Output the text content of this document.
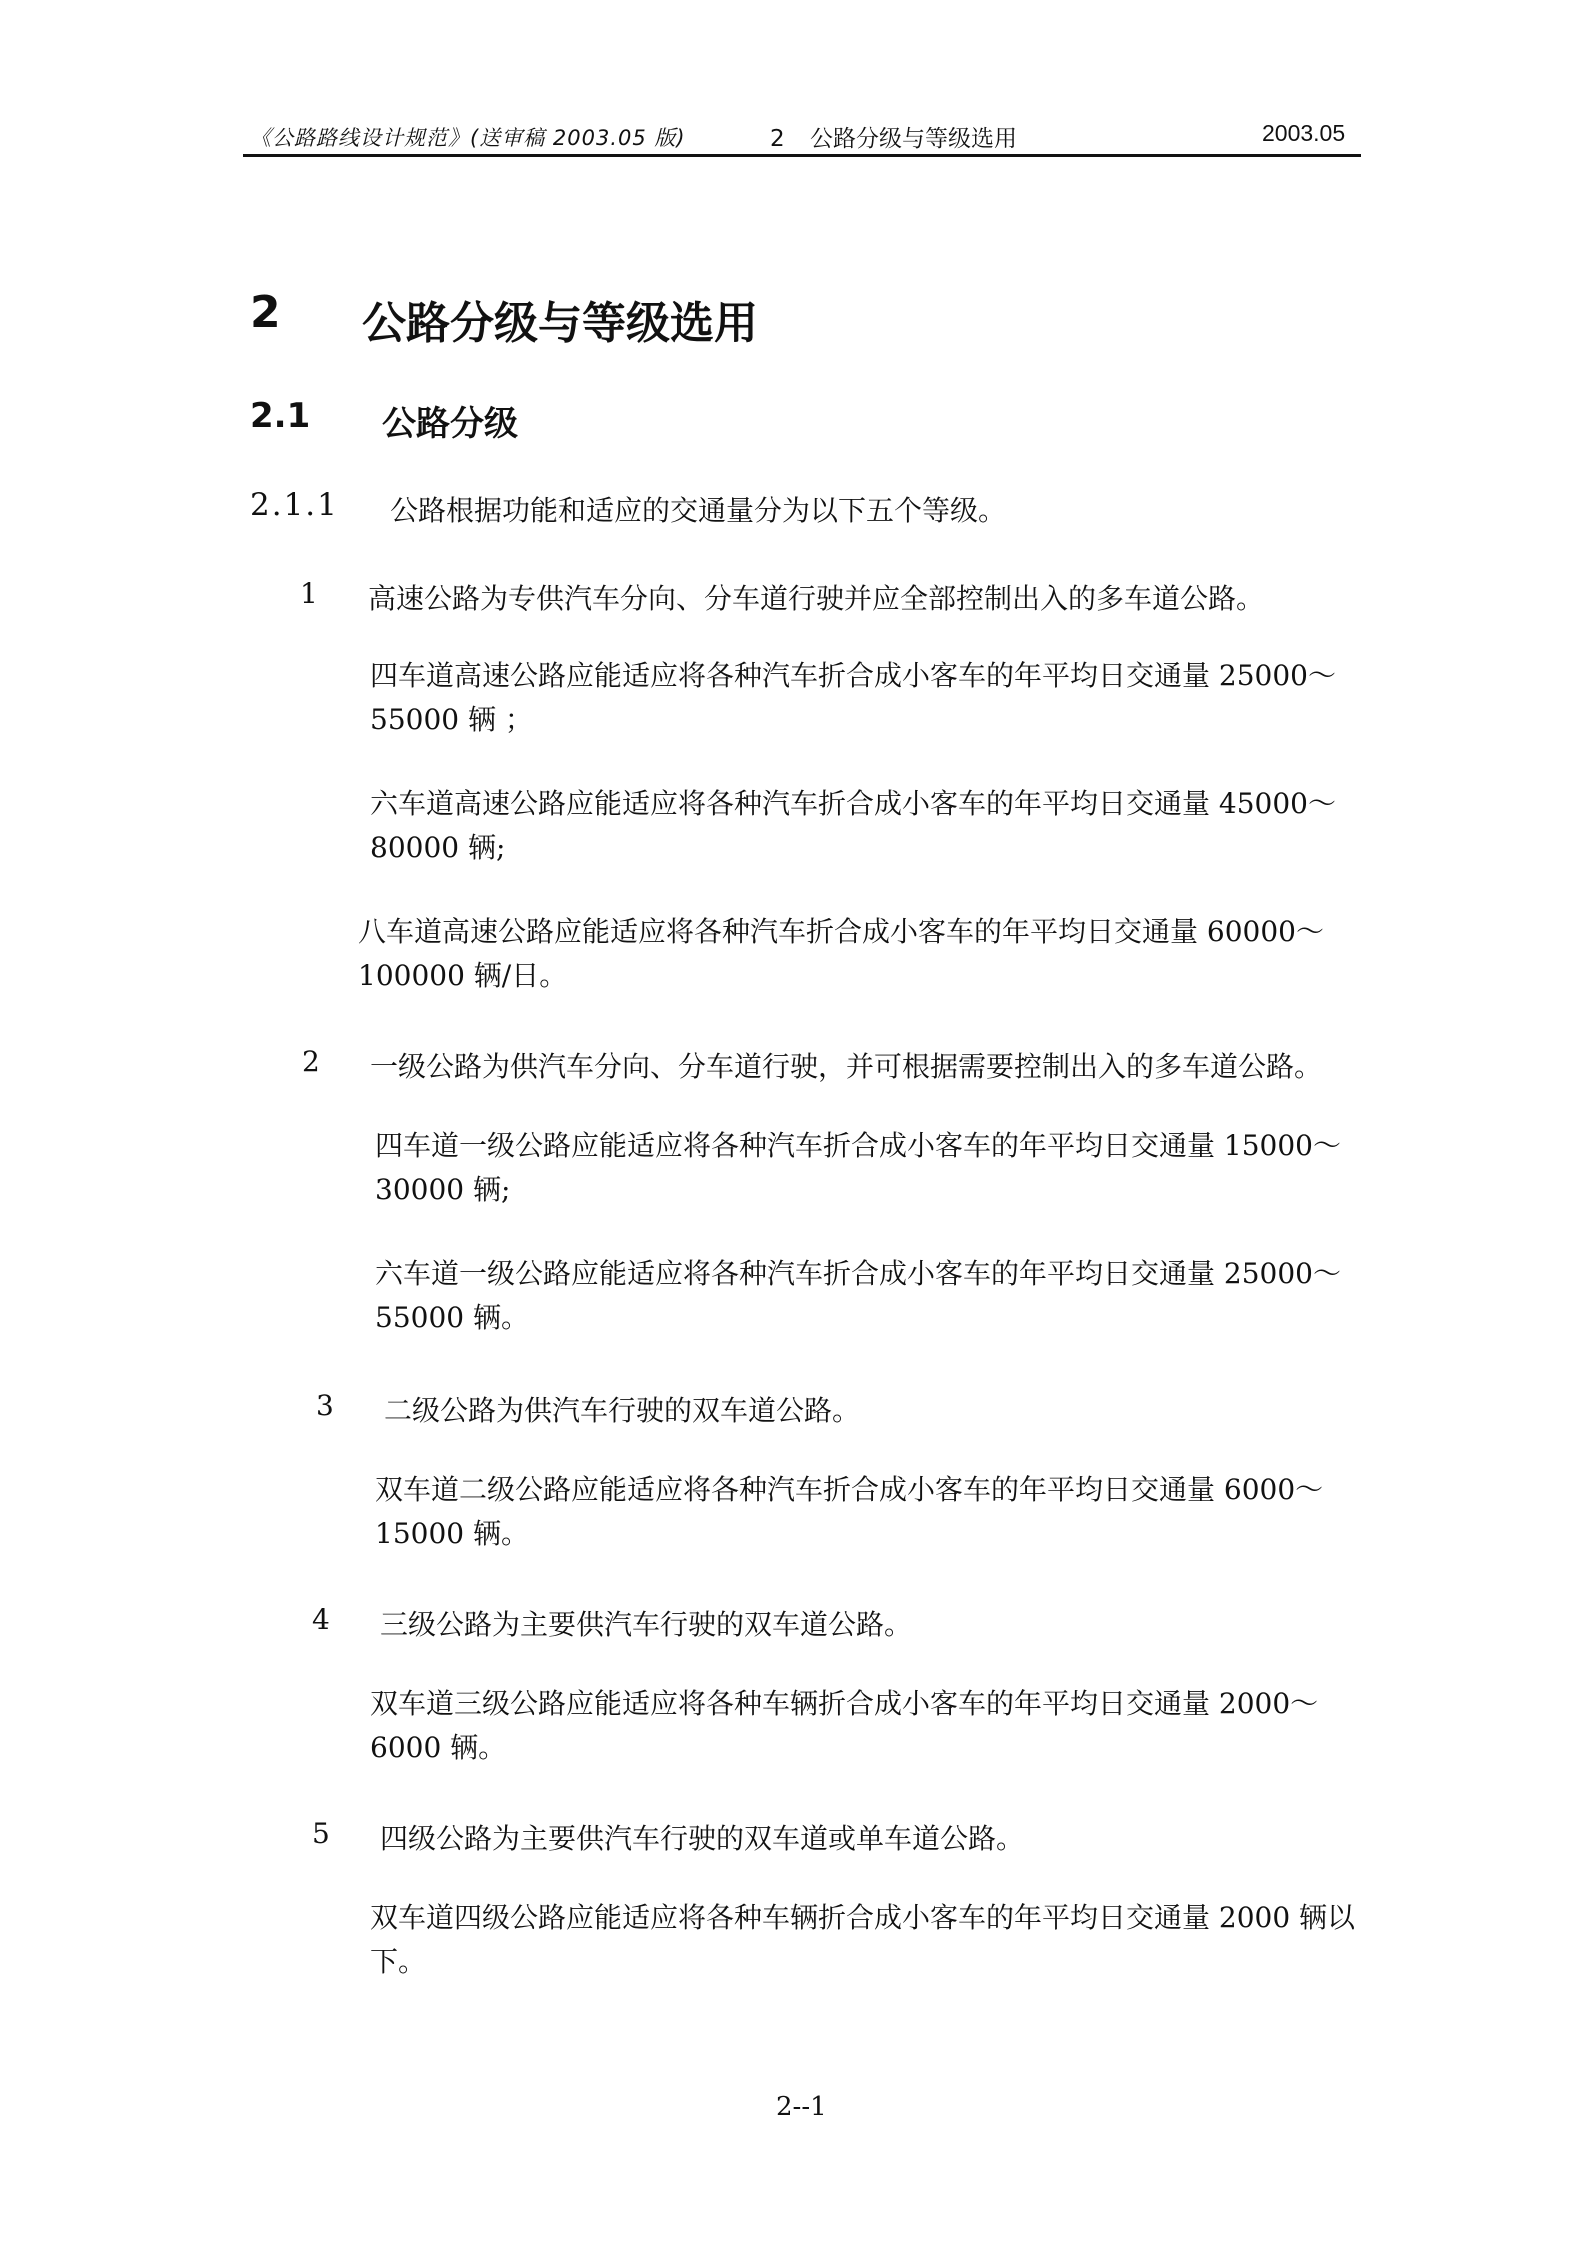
《公路路线设计规范》(送审稿 2003.05 版)	2 公路分级与等级选用	2003.05
2 公路分级与等级选用
2.1 公路分级
2.1.1 公路根据功能和适应的交通量分为以下五个等级。
1 高速公路为专供汽车分向、分车道行驶并应全部控制出入的多车道公路。
四车道高速公路应能适应将各种汽车折合成小客车的年平均日交通量 25000～55000 辆 ；
六车道高速公路应能适应将各种汽车折合成小客车的年平均日交通量 45000～80000 辆;
八车道高速公路应能适应将各种汽车折合成小客车的年平均日交通量 60000～100000 辆/日。
2 一级公路为供汽车分向、分车道行驶，并可根据需要控制出入的多车道公路。
四车道一级公路应能适应将各种汽车折合成小客车的年平均日交通量 15000～30000 辆;
六车道一级公路应能适应将各种汽车折合成小客车的年平均日交通量 25000～55000 辆。
3 二级公路为供汽车行驶的双车道公路。
双车道二级公路应能适应将各种汽车折合成小客车的年平均日交通量 6000～15000 辆。
4 三级公路为主要供汽车行驶的双车道公路。
双车道三级公路应能适应将各种车辆折合成小客车的年平均日交通量 2000～6000 辆。
5 四级公路为主要供汽车行驶的双车道或单车道公路。
双车道四级公路应能适应将各种车辆折合成小客车的年平均日交通量 2000 辆以下。
2--1
